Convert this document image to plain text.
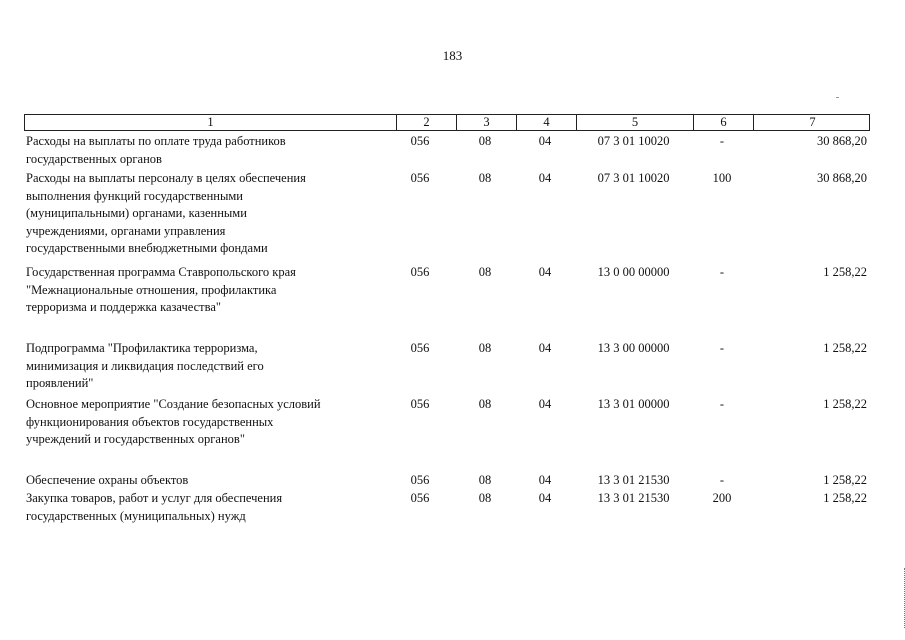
183
1	2	3	4	5	6	7
Расходы на выплаты по оплате труда работников
государственных органов
056	08	04	07 3 01 10020	-	30 868,20
Расходы на выплаты персоналу в целях обеспечения
выполнения функций государственными
(муниципальными) органами, казенными
учреждениями, органами управления
государственными внебюджетными фондами
056	08	04	07 3 01 10020	100	30 868,20
Государственная программа Ставропольского края
"Межнациональные отношения, профилактика
терроризма и поддержка казачества"
056	08	04	13 0 00 00000	-	1 258,22
Подпрограмма "Профилактика терроризма,
минимизация и ликвидация последствий его
проявлений"
056	08	04	13 3 00 00000	-	1 258,22
Основное мероприятие "Создание безопасных условий
функционирования объектов государственных
учреждений и государственных органов"
056	08	04	13 3 01 00000	-	1 258,22
Обеспечение охраны объектов	056	08	04	13 3 01 21530	-	1 258,22
Закупка товаров, работ и услуг для обеспечения
государственных (муниципальных) нужд
056	08	04	13 3 01 21530	200	1 258,22
